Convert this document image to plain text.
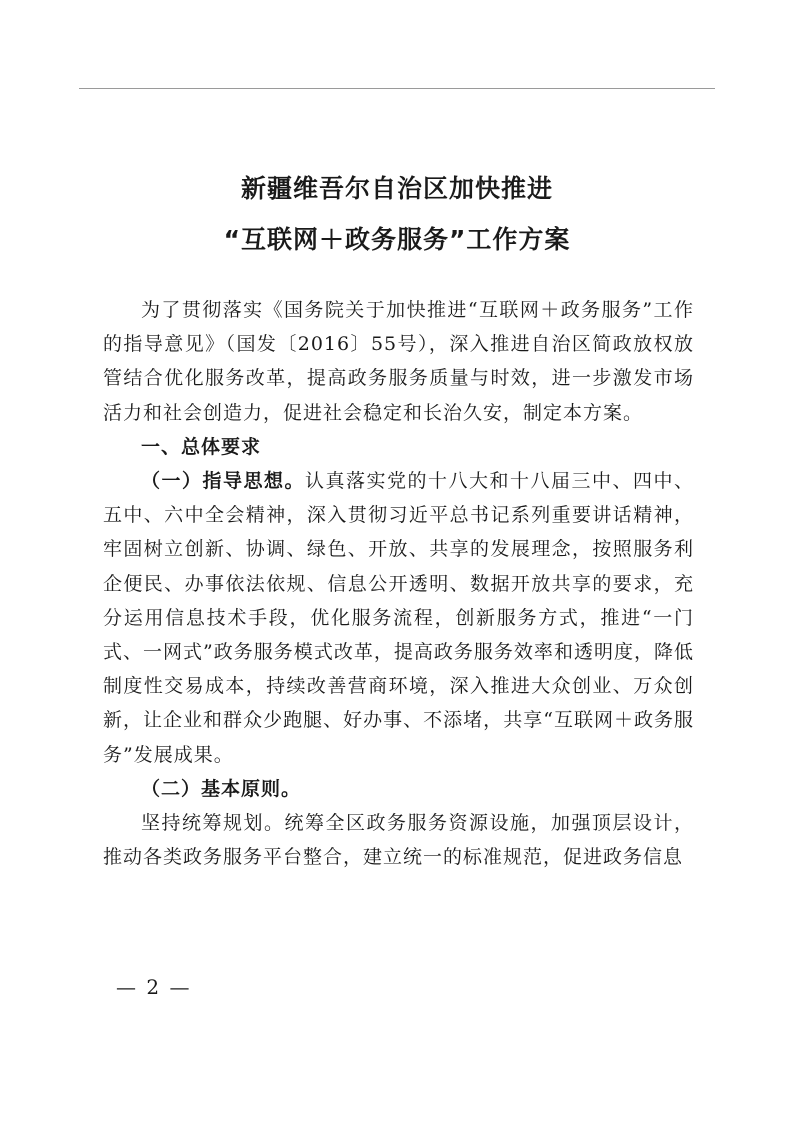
新疆维吾尔自治区加快推进
“互联网＋政务服务”工作方案

为了贯彻落实《国务院关于加快推进“互联网＋政务服务”工作的指导意见》（国发〔2016〕55号），深入推进自治区简政放权放管结合优化服务改革，提高政务服务质量与时效，进一步激发市场活力和社会创造力，促进社会稳定和长治久安，制定本方案。

一、总体要求

（一）指导思想。认真落实党的十八大和十八届三中、四中、五中、六中全会精神，深入贯彻习近平总书记系列重要讲话精神，牢固树立创新、协调、绿色、开放、共享的发展理念，按照服务利企便民、办事依法依规、信息公开透明、数据开放共享的要求，充分运用信息技术手段，优化服务流程，创新服务方式，推进“一门式、一网式”政务服务模式改革，提高政务服务效率和透明度，降低制度性交易成本，持续改善营商环境，深入推进大众创业、万众创新，让企业和群众少跑腿、好办事、不添堵，共享“互联网＋政务服务”发展成果。

（二）基本原则。

坚持统筹规划。统筹全区政务服务资源设施，加强顶层设计，推动各类政务服务平台整合，建立统一的标准规范，促进政务信息

— 2 —
